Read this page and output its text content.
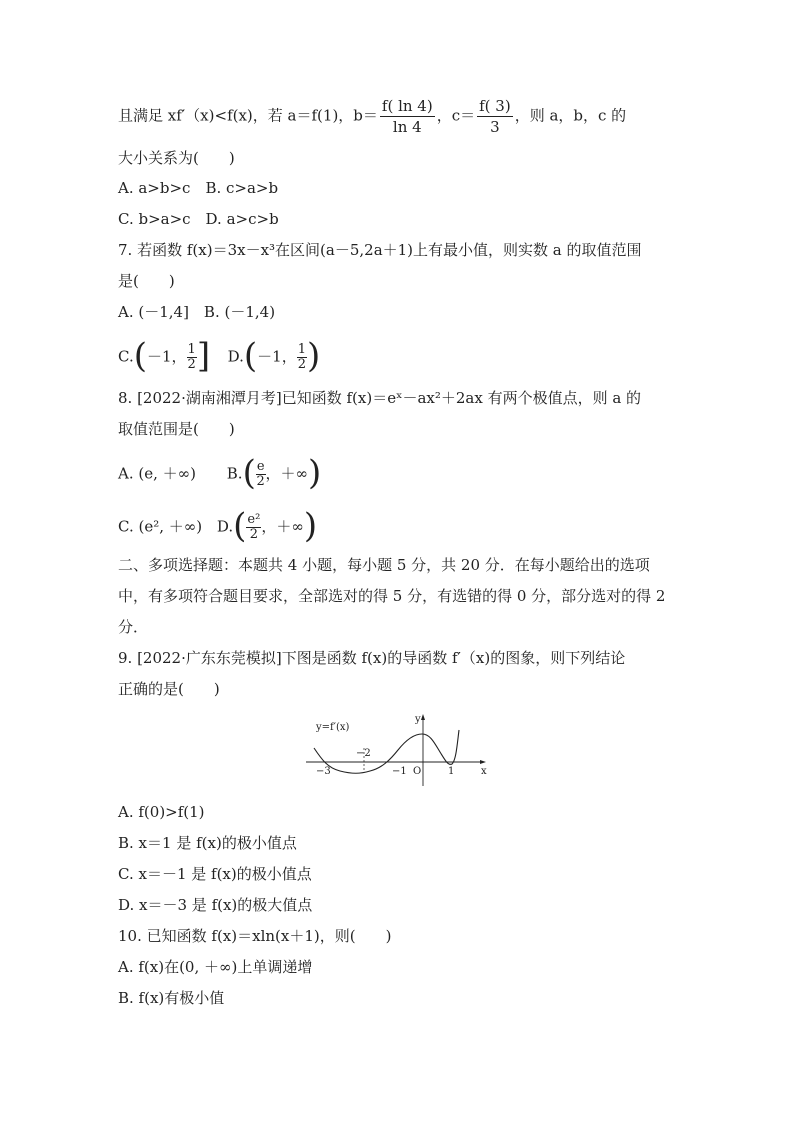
且满足 xf′（x)<f(x)，若 a＝f(1)，$b= \frac{f( \ln 4)}{\ln 4}$ ，$c= \frac{f( 3)}{3}$ ，则 a，b，c 的
大小关系为(　　)
A. a>b>c　B. c>a>b
C. b>a>c　D. a>c>b
7. 若函数 f(x)＝3x－x³在区间(a－5,2a＋1)上有最小值，则实数 a 的取值范围
是(　　)
A. (－1,4]　B. (－1,4)
C.(－1， $\frac{1}{2}$ ] D.(－1， $\frac{1}{2}$ )
8. [2022·湖南湘潭月考]已知函数 f(x)＝eˣ－ax²＋2ax 有两个极值点，则 a 的
取值范围是(　　)
A. (e, ＋∞) $B.( \frac{e}{2}$ ，＋∞)
C. (e², ＋∞) $D.( \frac{\text{e²}}{2}$ ，＋∞)
二、多项选择题：本题共 4 小题，每小题 5 分，共 20 分．在每小题给出的选项
中，有多项符合题目要求，全部选对的得 5 分，有选错的得 0 分，部分选对的得 2
分．
9. [2022·广东东莞模拟]下图是函数 f(x)的导函数 f′（x)的图象，则下列结论
正确的是(　　)
y=f′(x)
y
x
O
−3
−2
−1	1
A. f(0)>f(1)
B. x＝1 是 f(x)的极小值点
C. x＝－1 是 f(x)的极小值点
D. x＝－3 是 f(x)的极大值点
10. 已知函数 f(x)＝xln(x＋1)，则(　　)
A. f(x)在(0, ＋∞)上单调递增
B. f(x)有极小值
